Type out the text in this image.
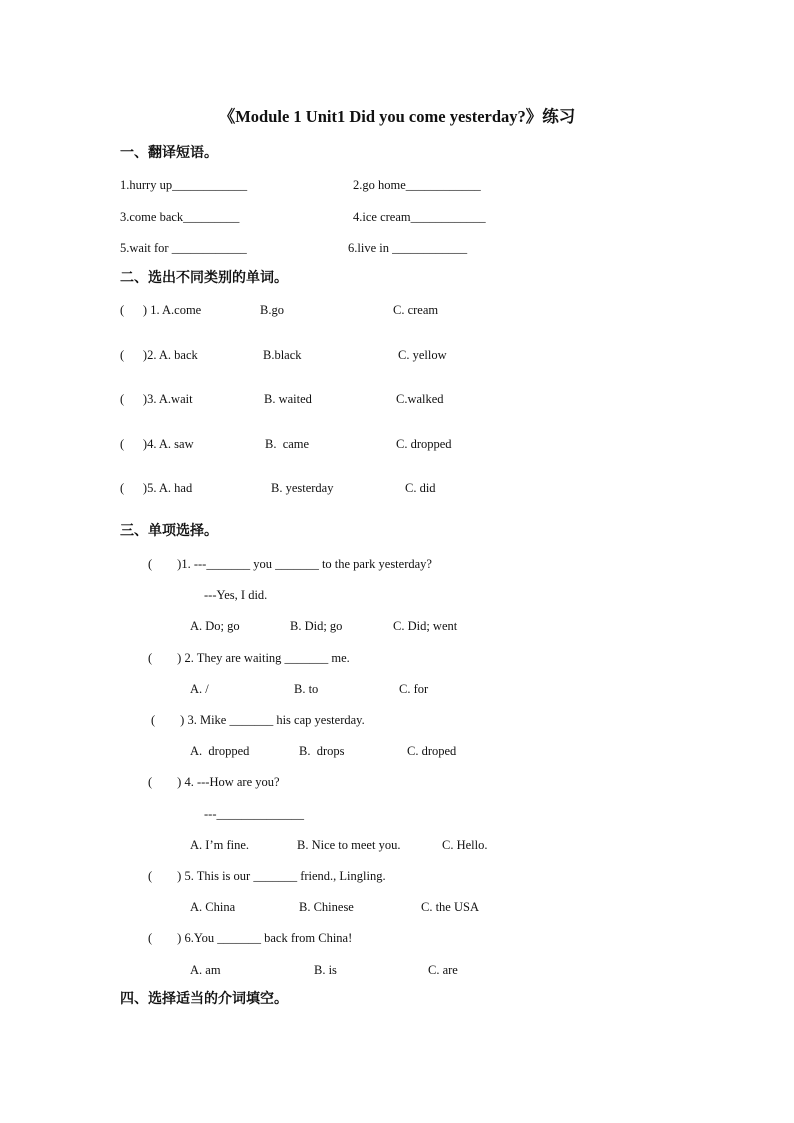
《Module 1 Unit1 Did you come yesterday?》练习
一、翻译短语。
1.hurry up____________	2.go home____________
3.come back_________	4.ice cream____________
5.wait for ____________	6.live in ____________
二、选出不同类别的单词。
(      ) 1. A.come	B.go	C. cream
(      )2. A. back	B.black	C. yellow
(      )3. A.wait	B. waited	C.walked
(      )4. A. saw	B.  came	C. dropped
(      )5. A. had	B. yesterday	C. did
三、单项选择。
(        )1. ---_______ you _______ to the park yesterday?
---Yes, I did.
A. Do; go	B. Did; go	C. Did; went
(        ) 2. They are waiting _______ me.
A. /	B. to	C. for
(        ) 3. Mike _______ his cap yesterday.
A.  dropped	B.  drops	C. droped
(        ) 4. ---How are you?
---______________
A. I’m fine.	B. Nice to meet you.	C. Hello.
(        ) 5. This is our _______ friend., Lingling.
A. China	B. Chinese	C. the USA
(        ) 6.You _______ back from China!
A. am	B. is	C. are
四、选择适当的介词填空。
